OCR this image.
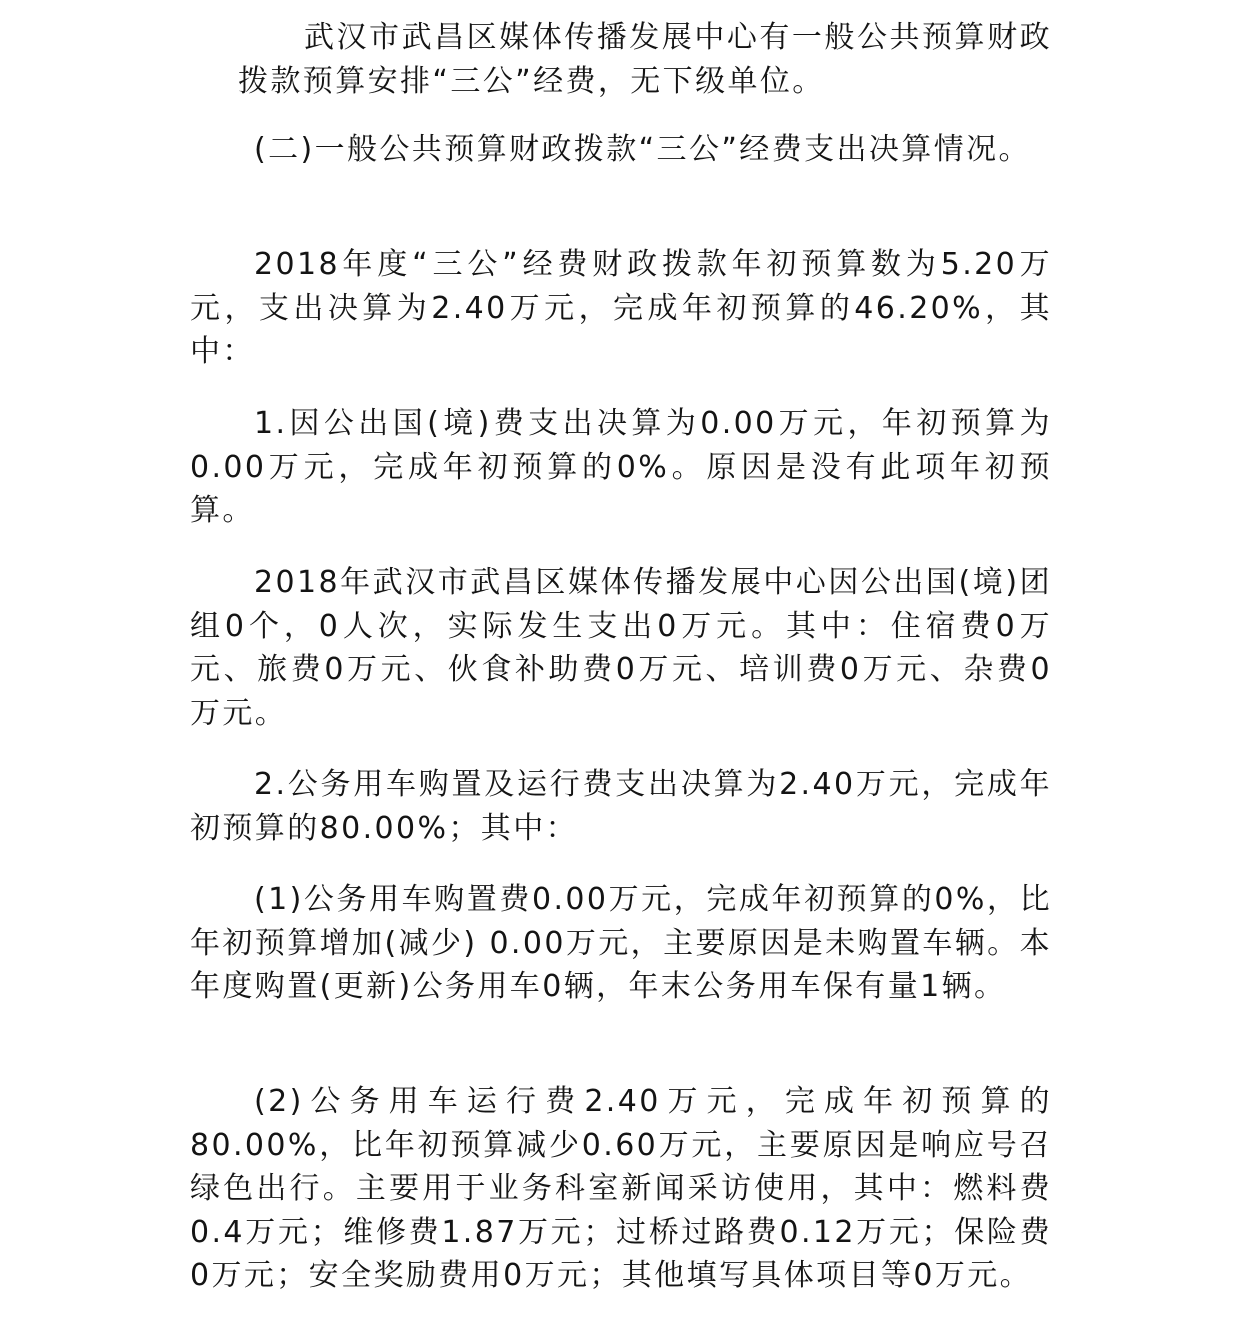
武汉市武昌区媒体传播发展中心有一般公共预算财政拨款预算安排“三公”经费，无下级单位。

(二)一般公共预算财政拨款“三公”经费支出决算情况。

2018年度“三公”经费财政拨款年初预算数为5.20万元，支出决算为2.40万元，完成年初预算的46.20%，其中：

1.因公出国(境)费支出决算为0.00万元，年初预算为0.00万元，完成年初预算的0%。原因是没有此项年初预算。

2018年武汉市武昌区媒体传播发展中心因公出国(境)团组0个，0人次，实际发生支出0万元。其中：住宿费0万元、旅费0万元、伙食补助费0万元、培训费0万元、杂费0万元。

2.公务用车购置及运行费支出决算为2.40万元，完成年初预算的80.00%；其中：

(1)公务用车购置费0.00万元，完成年初预算的0%，比年初预算增加(减少) 0.00万元，主要原因是未购置车辆。本年度购置(更新)公务用车0辆，年末公务用车保有量1辆。

(2)公务用车运行费2.40万元，完成年初预算的80.00%，比年初预算减少0.60万元，主要原因是响应号召绿色出行。主要用于业务科室新闻采访使用，其中：燃料费0.4万元；维修费1.87万元；过桥过路费0.12万元；保险费0万元；安全奖励费用0万元；其他填写具体项目等0万元。
